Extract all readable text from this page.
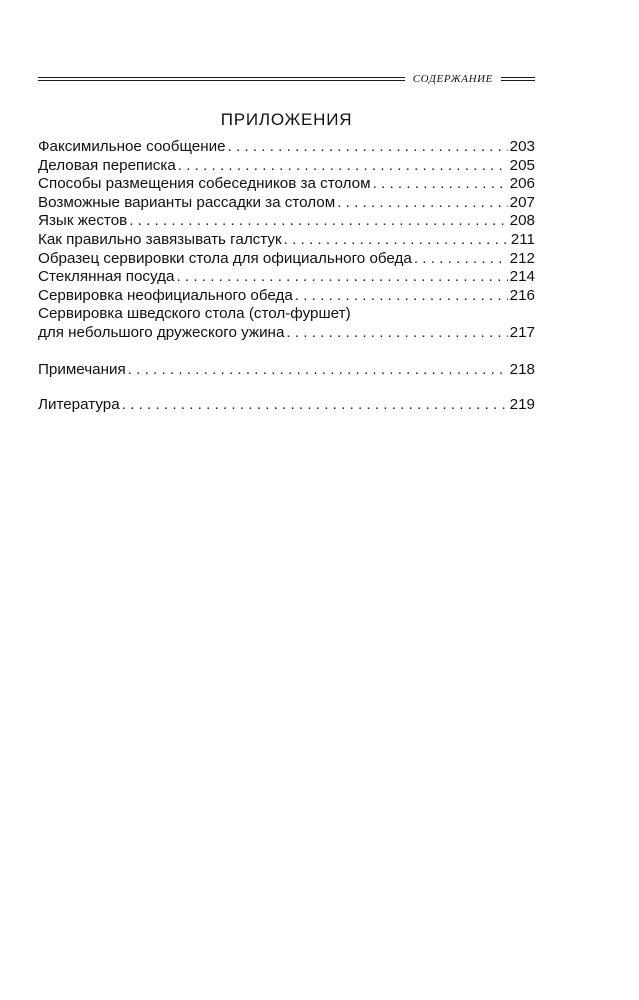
СОДЕРЖАНИЕ
ПРИЛОЖЕНИЯ
Факсимильное сообщение . . .	203
Деловая переписка . . .	205
Способы размещения собеседников за столом . . .	206
Возможные варианты рассадки за столом . . .	207
Язык жестов . . .	208
Как правильно завязывать галстук . . .	211
Образец сервировки стола для официального обеда . . .	212
Стеклянная посуда . . .	214
Сервировка неофициального обеда . . .	216
Сервировка шведского стола (стол-фуршет)
для небольшого дружеского ужина . . .	217
Примечания . . .	218
Литература . . .	219
